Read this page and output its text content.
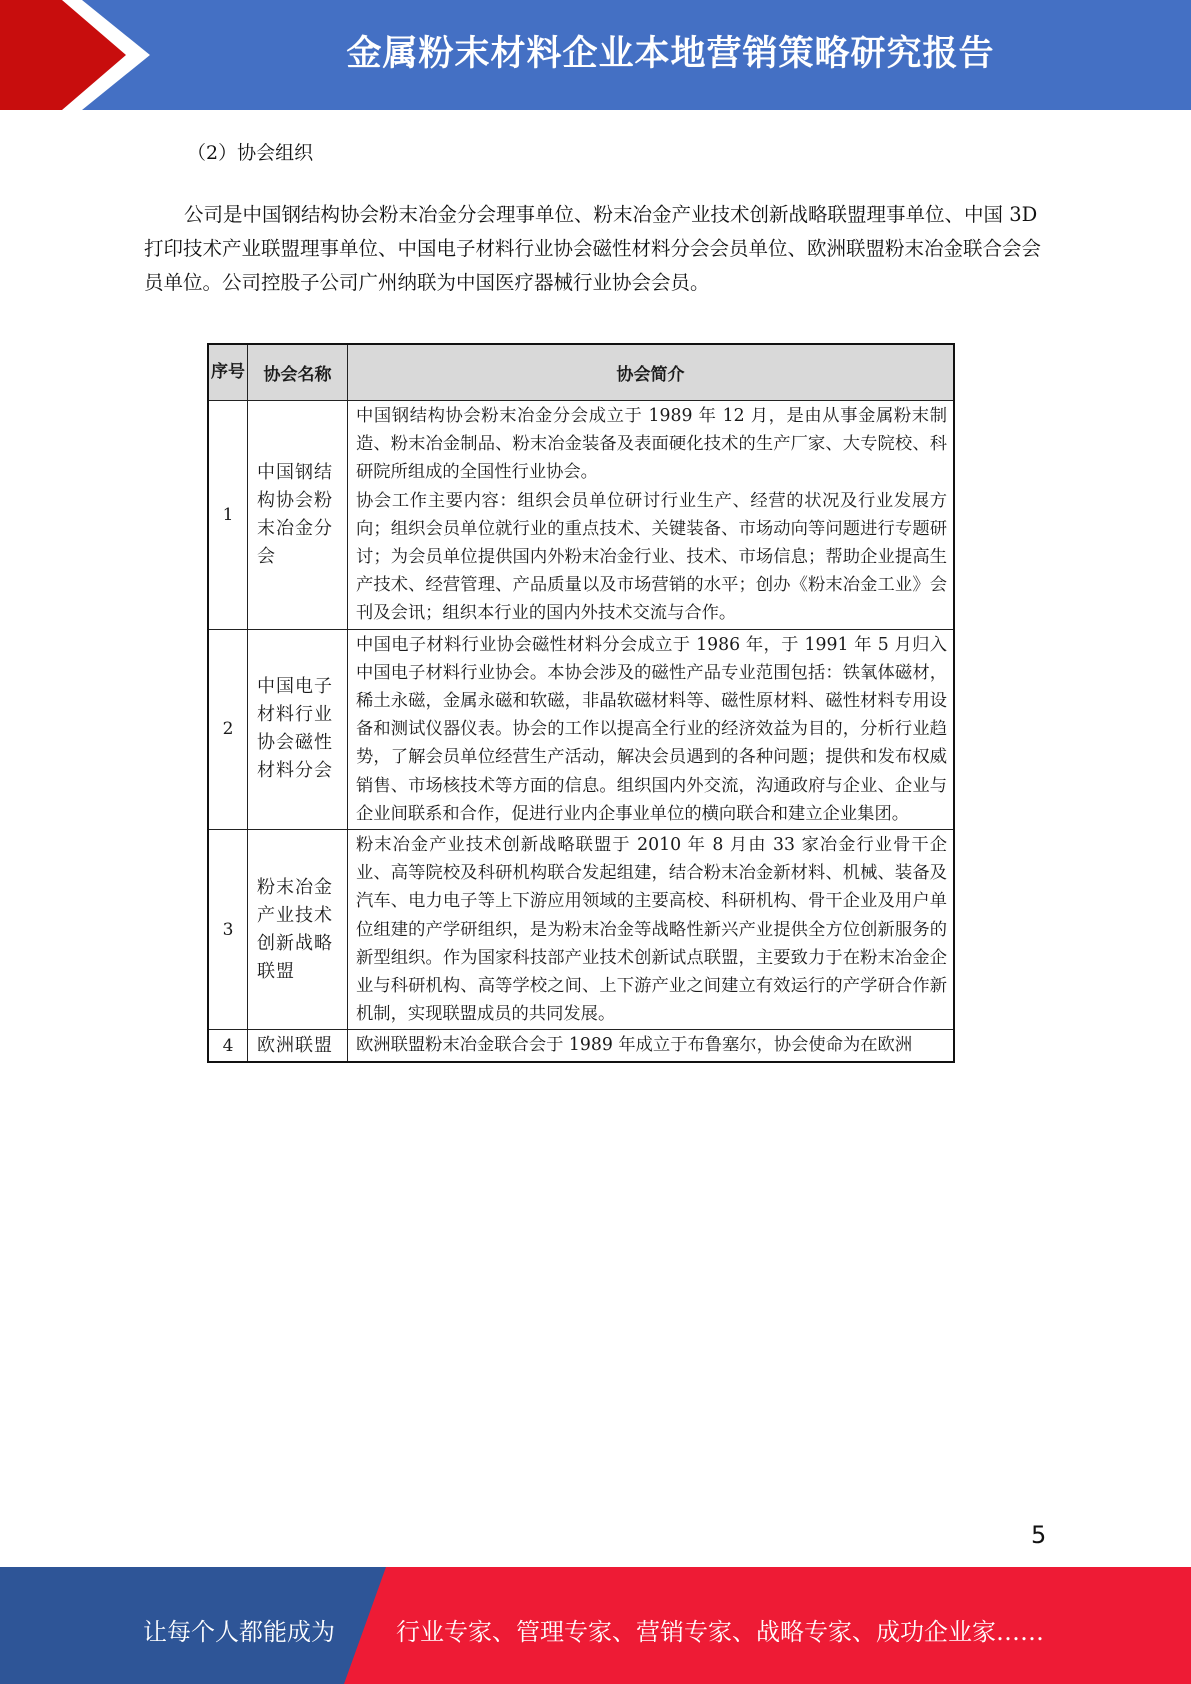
金属粉末材料企业本地营销策略研究报告
（2）协会组织
公司是中国钢结构协会粉末冶金分会理事单位、粉末冶金产业技术创新战略联盟理事单位、中国 3D 打印技术产业联盟理事单位、中国电子材料行业协会磁性材料分会会员单位、欧洲联盟粉末冶金联合会会员单位。公司控股子公司广州纳联为中国医疗器械行业协会会员。
序号	协会名称	协会简介
1	中国钢结构协会粉末冶金分会	中国钢结构协会粉末冶金分会成立于 1989 年 12 月，是由从事金属粉末制造、粉末冶金制品、粉末冶金装备及表面硬化技术的生产厂家、大专院校、科研院所组成的全国性行业协会。

协会工作主要内容：组织会员单位研讨行业生产、经营的状况及行业发展方向；组织会员单位就行业的重点技术、关键装备、市场动向等问题进行专题研讨；为会员单位提供国内外粉末冶金行业、技术、市场信息；帮助企业提高生产技术、经营管理、产品质量以及市场营销的水平；创办《粉末冶金工业》会刊及会讯；组织本行业的国内外技术交流与合作。

2	中国电子材料行业协会磁性材料分会	中国电子材料行业协会磁性材料分会成立于 1986 年，于 1991 年 5 月归入中国电子材料行业协会。本协会涉及的磁性产品专业范围包括：铁氧体磁材，稀土永磁，金属永磁和软磁，非晶软磁材料等、磁性原材料、磁性材料专用设备和测试仪器仪表。协会的工作以提高全行业的经济效益为目的，分析行业趋势，了解会员单位经营生产活动，解决会员遇到的各种问题；提供和发布权威销售、市场核技术等方面的信息。组织国内外交流，沟通政府与企业、企业与企业间联系和合作，促进行业内企事业单位的横向联合和建立企业集团。

3	粉末冶金产业技术创新战略联盟	粉末冶金产业技术创新战略联盟于 2010 年 8 月由 33 家冶金行业骨干企业、高等院校及科研机构联合发起组建，结合粉末冶金新材料、机械、装备及汽车、电力电子等上下游应用领域的主要高校、科研机构、骨干企业及用户单位组建的产学研组织，是为粉末冶金等战略性新兴产业提供全方位创新服务的新型组织。作为国家科技部产业技术创新试点联盟，主要致力于在粉末冶金企业与科研机构、高等学校之间、上下游产业之间建立有效运行的产学研合作新机制，实现联盟成员的共同发展。

4	欧洲联盟	欧洲联盟粉末冶金联合会于 1989 年成立于布鲁塞尔，协会使命为在欧洲

5
让每个人都能成为	行业专家、管理专家、营销专家、战略专家、成功企业家……
